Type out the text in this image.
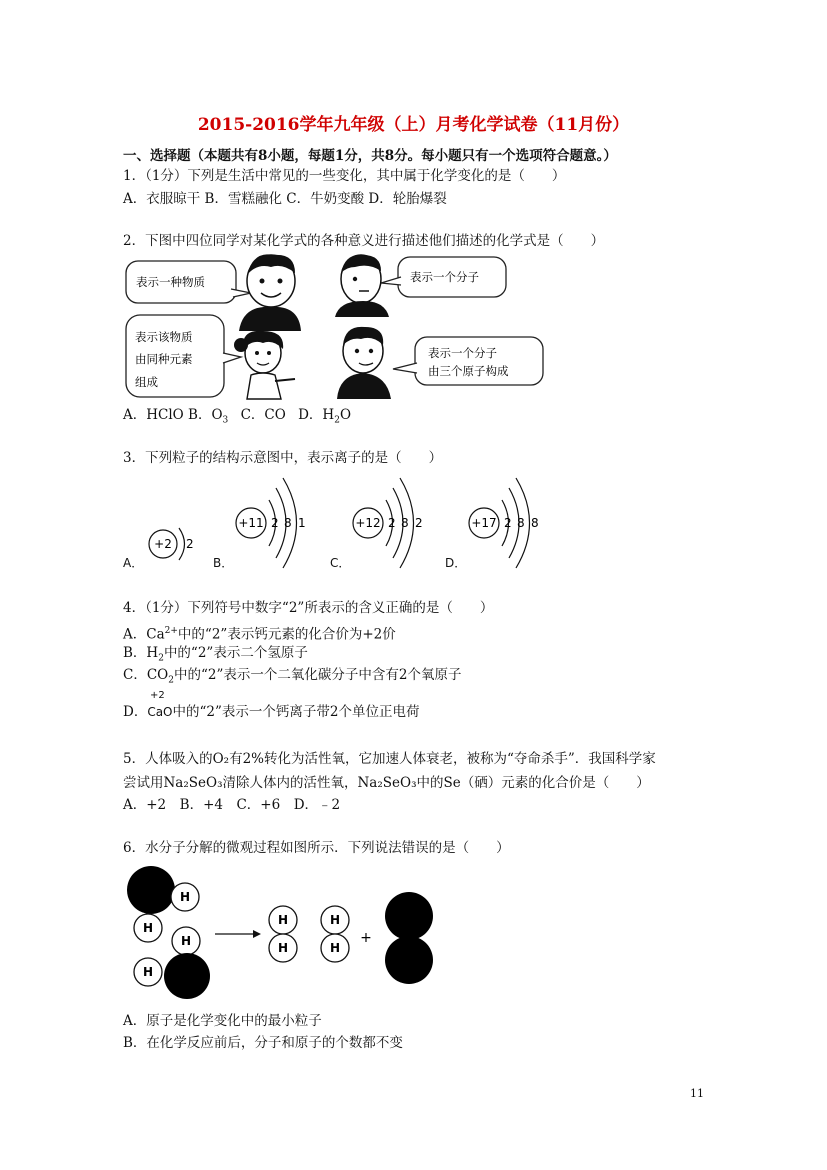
2015-2016学年九年级（上）月考化学试卷（11月份）
一、选择题（本题共有8小题，每题1分，共8分。每小题只有一个选项符合题意。）
1．（1分）下列是生活中常见的一些变化，其中属于化学变化的是（　　）
A．衣服晾干 B．雪糕融化 C．牛奶变酸 D．轮胎爆裂
2．下图中四位同学对某化学式的各种意义进行描述他们描述的化学式是（　　）
表示一种物质	表示一个分子
表示该物质
由同种元素
组成
表示一个分子
由三个原子构成
A．HClO B．$O_3$ C．CO D．$H_2O$
3．下列粒子的结构示意图中，表示离子的是（　　）
A．	B．	C．	D．
+2 2
+11 2 8 1	+12 2 8 2	+17 2 8 8
4．（1分）下列符号中数字“2”所表示的含义正确的是（　　）
A．$Ca^{2+}$中的“2”表示钙元素的化合价为+2价
B．$H_2$中的“2”表示二个氢原子
C．$CO_2$中的“2”表示一个二氧化碳分子中含有2个氧原子
+2
D．CaO中的“2”表示一个钙离子带2个单位正电荷
5．人体吸入的O₂有2%转化为活性氧，它加速人体衰老，被称为“夺命杀手”．我国科学家
尝试用Na₂SeO₃清除人体内的活性氧，Na₂SeO₃中的Se（硒）元素的化合价是（　　）
A．+2　B．+4　C．+6　D．﹣2
6．水分子分解的微观过程如图所示．下列说法错误的是（　　）
H
H
H
H
H
H
H
H
+
A．原子是化学变化中的最小粒子
B．在化学反应前后，分子和原子的个数都不变
11
